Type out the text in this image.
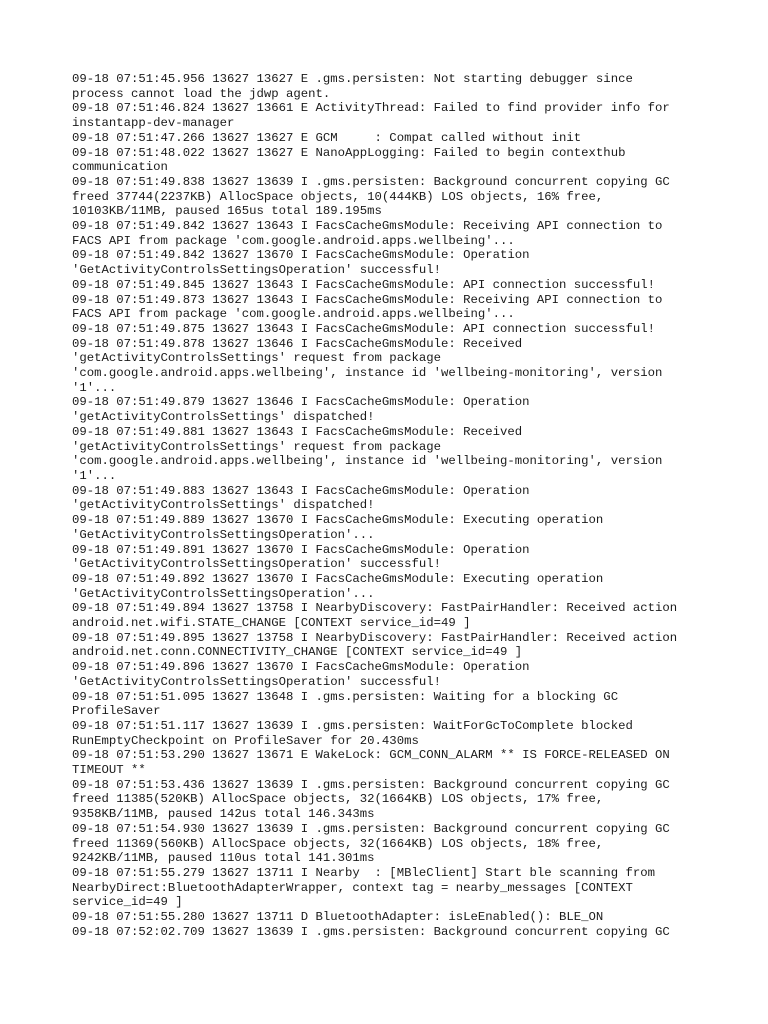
09-18 07:51:45.956 13627 13627 E .gms.persisten: Not starting debugger since
process cannot load the jdwp agent.
09-18 07:51:46.824 13627 13661 E ActivityThread: Failed to find provider info for
instantapp-dev-manager
09-18 07:51:47.266 13627 13627 E GCM     : Compat called without init
09-18 07:51:48.022 13627 13627 E NanoAppLogging: Failed to begin contexthub
communication
09-18 07:51:49.838 13627 13639 I .gms.persisten: Background concurrent copying GC
freed 37744(2237KB) AllocSpace objects, 10(444KB) LOS objects, 16% free,
10103KB/11MB, paused 165us total 189.195ms
09-18 07:51:49.842 13627 13643 I FacsCacheGmsModule: Receiving API connection to
FACS API from package 'com.google.android.apps.wellbeing'...
09-18 07:51:49.842 13627 13670 I FacsCacheGmsModule: Operation
'GetActivityControlsSettingsOperation' successful!
09-18 07:51:49.845 13627 13643 I FacsCacheGmsModule: API connection successful!
09-18 07:51:49.873 13627 13643 I FacsCacheGmsModule: Receiving API connection to
FACS API from package 'com.google.android.apps.wellbeing'...
09-18 07:51:49.875 13627 13643 I FacsCacheGmsModule: API connection successful!
09-18 07:51:49.878 13627 13646 I FacsCacheGmsModule: Received
'getActivityControlsSettings' request from package
'com.google.android.apps.wellbeing', instance id 'wellbeing-monitoring', version
'1'...
09-18 07:51:49.879 13627 13646 I FacsCacheGmsModule: Operation
'getActivityControlsSettings' dispatched!
09-18 07:51:49.881 13627 13643 I FacsCacheGmsModule: Received
'getActivityControlsSettings' request from package
'com.google.android.apps.wellbeing', instance id 'wellbeing-monitoring', version
'1'...
09-18 07:51:49.883 13627 13643 I FacsCacheGmsModule: Operation
'getActivityControlsSettings' dispatched!
09-18 07:51:49.889 13627 13670 I FacsCacheGmsModule: Executing operation
'GetActivityControlsSettingsOperation'...
09-18 07:51:49.891 13627 13670 I FacsCacheGmsModule: Operation
'GetActivityControlsSettingsOperation' successful!
09-18 07:51:49.892 13627 13670 I FacsCacheGmsModule: Executing operation
'GetActivityControlsSettingsOperation'...
09-18 07:51:49.894 13627 13758 I NearbyDiscovery: FastPairHandler: Received action
android.net.wifi.STATE_CHANGE [CONTEXT service_id=49 ]
09-18 07:51:49.895 13627 13758 I NearbyDiscovery: FastPairHandler: Received action
android.net.conn.CONNECTIVITY_CHANGE [CONTEXT service_id=49 ]
09-18 07:51:49.896 13627 13670 I FacsCacheGmsModule: Operation
'GetActivityControlsSettingsOperation' successful!
09-18 07:51:51.095 13627 13648 I .gms.persisten: Waiting for a blocking GC
ProfileSaver
09-18 07:51:51.117 13627 13639 I .gms.persisten: WaitForGcToComplete blocked
RunEmptyCheckpoint on ProfileSaver for 20.430ms
09-18 07:51:53.290 13627 13671 E WakeLock: GCM_CONN_ALARM ** IS FORCE-RELEASED ON
TIMEOUT **
09-18 07:51:53.436 13627 13639 I .gms.persisten: Background concurrent copying GC
freed 11385(520KB) AllocSpace objects, 32(1664KB) LOS objects, 17% free,
9358KB/11MB, paused 142us total 146.343ms
09-18 07:51:54.930 13627 13639 I .gms.persisten: Background concurrent copying GC
freed 11369(560KB) AllocSpace objects, 32(1664KB) LOS objects, 18% free,
9242KB/11MB, paused 110us total 141.301ms
09-18 07:51:55.279 13627 13711 I Nearby  : [MBleClient] Start ble scanning from
NearbyDirect:BluetoothAdapterWrapper, context tag = nearby_messages [CONTEXT
service_id=49 ]
09-18 07:51:55.280 13627 13711 D BluetoothAdapter: isLeEnabled(): BLE_ON
09-18 07:52:02.709 13627 13639 I .gms.persisten: Background concurrent copying GC
